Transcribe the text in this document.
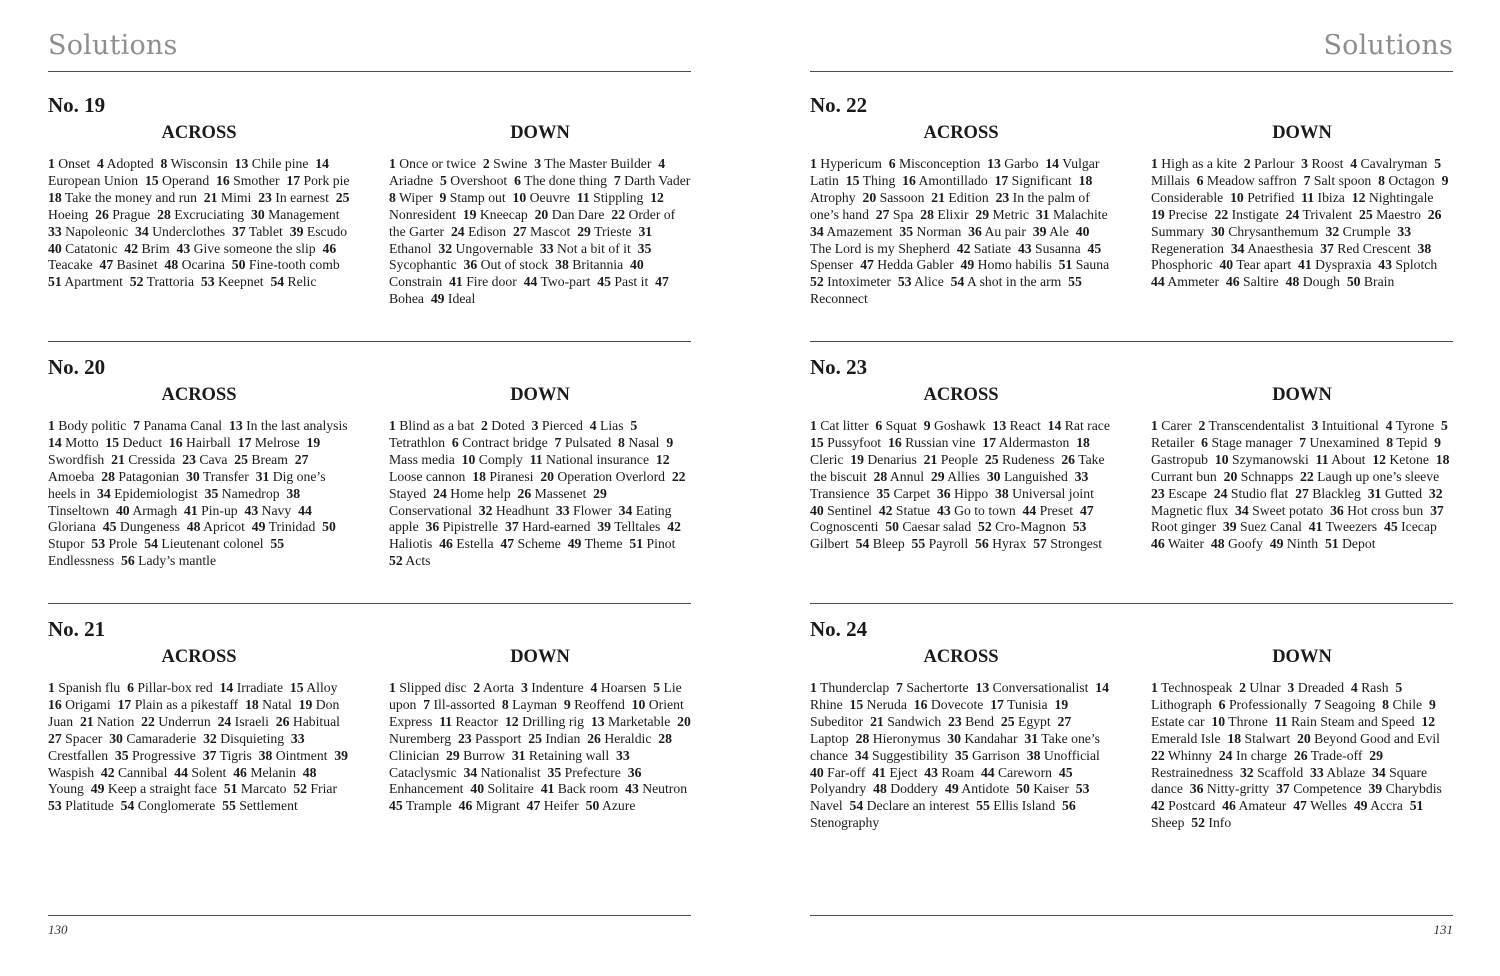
Solutions
No. 19
ACROSS	DOWN
1 Onset 4 Adopted 8 Wisconsin 13 Chile pine 14 European Union 15 Operand 16 Smother 17 Pork pie  18 Take the money and run 21 Mimi 23 In earnest 25 Hoeing 26 Prague 28 Excruciating 30 Management  33 Napoleonic 34 Underclothes 37 Tablet 39 Escudo  40 Catatonic 42 Brim 43 Give someone the slip 46 Teacake 47 Basinet 48 Ocarina 50 Fine-tooth comb  51 Apartment 52 Trattoria 53 Keepnet 54 Relic
1 Once or twice 2 Swine 3 The Master Builder 4 Ariadne 5 Overshoot 6 The done thing 7 Darth Vader  8 Wiper 9 Stamp out 10 Oeuvre 11 Stippling 12 Nonresident 19 Kneecap 20 Dan Dare 22 Order of the Garter 24 Edison 27 Mascot 29 Trieste 31 Ethanol 32 Ungovernable 33 Not a bit of it 35 Sycophantic 36 Out of stock 38 Britannia 40 Constrain 41 Fire door 44 Two-part 45 Past it 47 Bohea 49 Ideal
No. 20
ACROSS	DOWN
1 Body politic 7 Panama Canal 13 In the last analysis  14 Motto 15 Deduct 16 Hairball 17 Melrose 19 Swordfish 21 Cressida 23 Cava 25 Bream 27 Amoeba 28 Patagonian 30 Transfer 31 Dig one’s heels in 34 Epidemiologist 35 Namedrop 38 Tinseltown 40 Armagh 41 Pin-up 43 Navy 44 Gloriana 45 Dungeness 48 Apricot 49 Trinidad 50 Stupor 53 Prole 54 Lieutenant colonel 55 Endlessness 56 Lady’s mantle
1 Blind as a bat 2 Doted 3 Pierced 4 Lias 5 Tetrathlon 6 Contract bridge 7 Pulsated 8 Nasal 9 Mass media 10 Comply 11 National insurance 12 Loose cannon 18 Piranesi 20 Operation Overlord 22 Stayed 24 Home help 26 Massenet 29 Conservational 32 Headhunt 33 Flower 34 Eating apple 36 Pipistrelle 37 Hard-earned 39 Telltales 42 Haliotis 46 Estella 47 Scheme 49 Theme 51 Pinot  52 Acts
No. 21
ACROSS	DOWN
1 Spanish flu 6 Pillar-box red 14 Irradiate 15 Alloy  16 Origami 17 Plain as a pikestaff 18 Natal 19 Don Juan 21 Nation 22 Underrun 24 Israeli 26 Habitual  27 Spacer 30 Camaraderie 32 Disquieting 33 Crestfallen 35 Progressive 37 Tigris 38 Ointment 39 Waspish 42 Cannibal 44 Solent 46 Melanin 48 Young 49 Keep a straight face 51 Marcato 52 Friar  53 Platitude 54 Conglomerate 55 Settlement
1 Slipped disc 2 Aorta 3 Indenture 4 Hoarsen 5 Lie upon 7 Ill-assorted 8 Layman 9 Reoffend 10 Orient Express 11 Reactor 12 Drilling rig 13 Marketable 20 Nuremberg 23 Passport 25 Indian 26 Heraldic 28 Clinician 29 Burrow 31 Retaining wall 33 Cataclysmic 34 Nationalist 35 Prefecture 36 Enhancement 40 Solitaire 41 Back room 43 Neutron  45 Trample 46 Migrant 47 Heifer 50 Azure
130
Solutions
No. 22
ACROSS	DOWN
1 Hypericum 6 Misconception 13 Garbo 14 Vulgar Latin 15 Thing 16 Amontillado 17 Significant 18 Atrophy 20 Sassoon 21 Edition 23 In the palm of one’s hand 27 Spa 28 Elixir 29 Metric 31 Malachite  34 Amazement 35 Norman 36 Au pair 39 Ale 40 The Lord is my Shepherd 42 Satiate 43 Susanna 45 Spenser 47 Hedda Gabler 49 Homo habilis 51 Sauna  52 Intoximeter 53 Alice 54 A shot in the arm 55 Reconnect
1 High as a kite 2 Parlour 3 Roost 4 Cavalryman 5 Millais 6 Meadow saffron 7 Salt spoon 8 Octagon 9 Considerable 10 Petrified 11 Ibiza 12 Nightingale  19 Precise 22 Instigate 24 Trivalent 25 Maestro 26 Summary 30 Chrysanthemum 32 Crumple 33 Regeneration 34 Anaesthesia 37 Red Crescent 38 Phosphoric 40 Tear apart 41 Dyspraxia 43 Splotch  44 Ammeter 46 Saltire 48 Dough 50 Brain
No. 23
ACROSS	DOWN
1 Cat litter 6 Squat 9 Goshawk 13 React 14 Rat race  15 Pussyfoot 16 Russian vine 17 Aldermaston 18 Cleric 19 Denarius 21 People 25 Rudeness 26 Take the biscuit 28 Annul 29 Allies 30 Languished 33 Transience 35 Carpet 36 Hippo 38 Universal joint  40 Sentinel 42 Statue 43 Go to town 44 Preset 47 Cognoscenti 50 Caesar salad 52 Cro-Magnon 53 Gilbert 54 Bleep 55 Payroll 56 Hyrax 57 Strongest
1 Carer 2 Transcendentalist 3 Intuitional 4 Tyrone 5 Retailer 6 Stage manager 7 Unexamined 8 Tepid 9 Gastropub 10 Szymanowski 11 About 12 Ketone 18 Currant bun 20 Schnapps 22 Laugh up one’s sleeve  23 Escape 24 Studio flat 27 Blackleg 31 Gutted 32 Magnetic flux 34 Sweet potato 36 Hot cross bun 37 Root ginger 39 Suez Canal 41 Tweezers 45 Icecap  46 Waiter 48 Goofy 49 Ninth 51 Depot
No. 24
ACROSS	DOWN
1 Thunderclap 7 Sachertorte 13 Conversationalist 14 Rhine 15 Neruda 16 Dovecote 17 Tunisia 19 Subeditor 21 Sandwich 23 Bend 25 Egypt 27 Laptop 28 Hieronymus 30 Kandahar 31 Take one’s chance 34 Suggestibility 35 Garrison 38 Unofficial  40 Far-off 41 Eject 43 Roam 44 Careworn 45 Polyandry 48 Doddery 49 Antidote 50 Kaiser 53 Navel 54 Declare an interest 55 Ellis Island 56 Stenography
1 Technospeak 2 Ulnar 3 Dreaded 4 Rash 5 Lithograph 6 Professionally 7 Seagoing 8 Chile 9 Estate car 10 Throne 11 Rain Steam and Speed 12 Emerald Isle 18 Stalwart 20 Beyond Good and Evil  22 Whinny 24 In charge 26 Trade-off 29 Restrainedness 32 Scaffold 33 Ablaze 34 Square dance 36 Nitty-gritty 37 Competence 39 Charybdis  42 Postcard 46 Amateur 47 Welles 49 Accra 51 Sheep 52 Info
131
